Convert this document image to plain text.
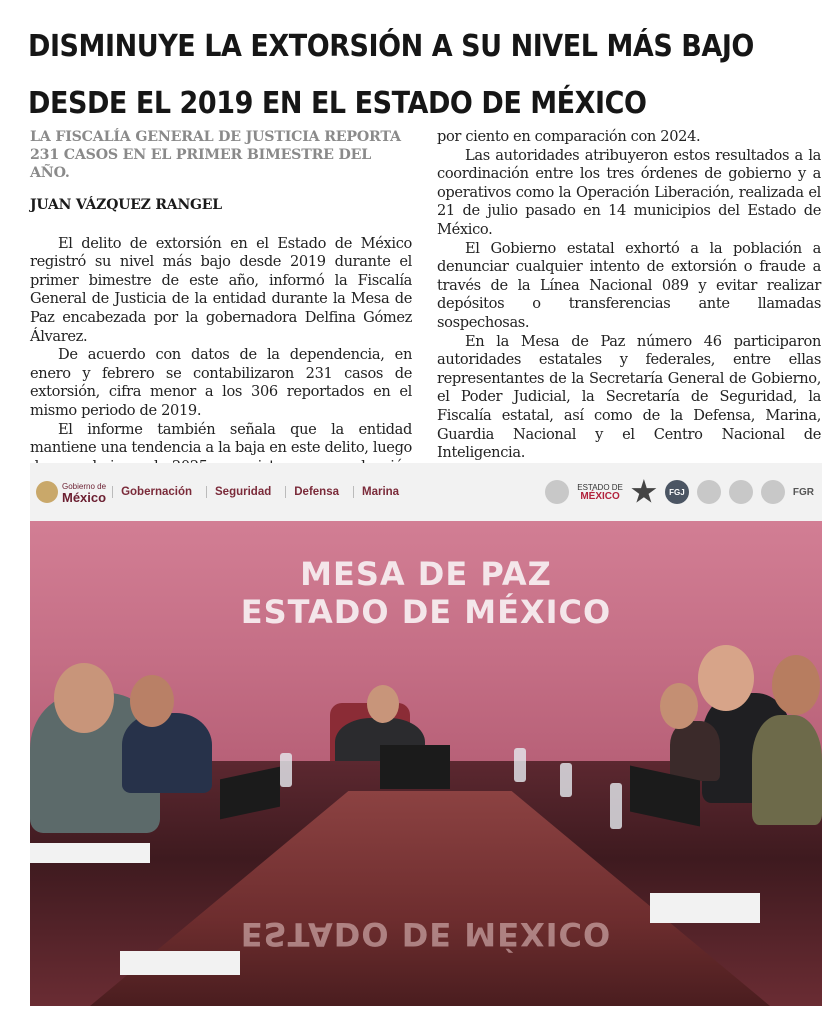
DISMINUYE LA EXTORSIÓN A SU NIVEL MÁS BAJO
DESDE EL 2019 EN EL ESTADO DE MÉXICO

LA FISCALÍA GENERAL DE JUSTICIA REPORTA 231 CASOS EN EL PRIMER BIMESTRE DEL AÑO.

JUAN VÁZQUEZ RANGEL

El delito de extorsión en el Estado de México registró su nivel más bajo desde 2019 durante el primer bimestre de este año, informó la Fiscalía General de Justicia de la entidad durante la Mesa de Paz encabezada por la gobernadora Delfina Gómez Álvarez.

De acuerdo con datos de la dependencia, en enero y febrero se contabilizaron 231 casos de extorsión, cifra menor a los 306 reportados en el mismo periodo de 2019.

El informe también señala que la entidad mantiene una tendencia a la baja en este delito, luego

por ciento en comparación con 2024.

Las autoridades atribuyeron estos resultados a la coordinación entre los tres órdenes de gobierno y a operativos como la Operación Liberación, realizada el 21 de julio pasado en 14 municipios del Estado de México.

El Gobierno estatal exhortó a la población a denunciar cualquier intento de extorsión o fraude a través de la Línea Nacional 089 y evitar realizar depósitos o transferencias ante llamadas sospechosas.

En la Mesa de Paz número 46 participaron autoridades estatales y federales, entre ellas representantes de la Secretaría General de Gobierno, el Poder Judicial, la Secretaría de Seguridad, la Fiscalía estatal, así como de la Defensa, Marina, Guardia Nacional y el Centro Nacional de Inteligencia.

Gobierno de
México	Gobernación	Seguridad	Defensa	Marina	ESTADO DE
MÉXICO	FGJ	FGR
MESA DE PAZ
ESTADO DE MÉXICO
ESTADO DE MÉXICO
